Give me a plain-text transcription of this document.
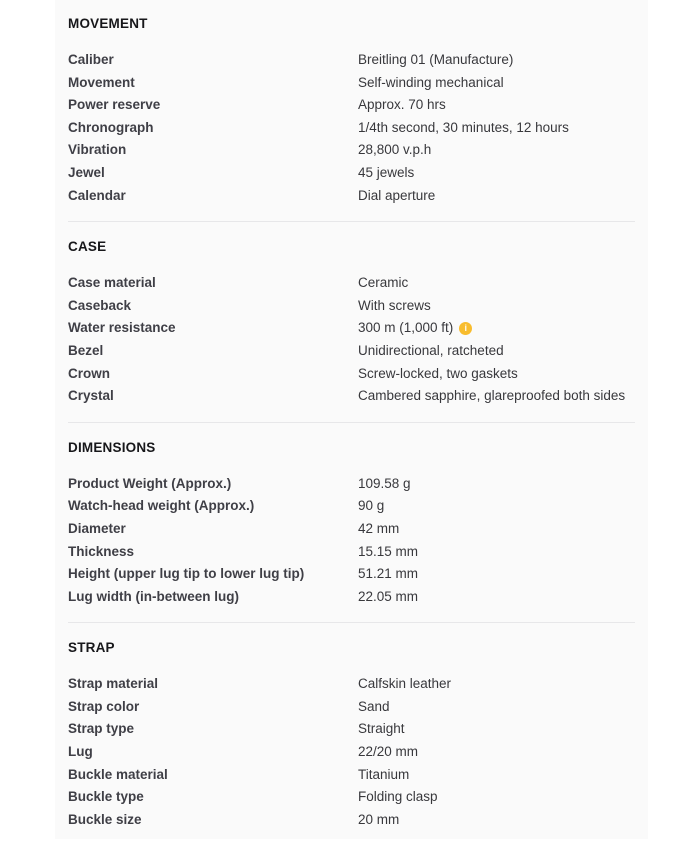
MOVEMENT
Caliber	Breitling 01 (Manufacture)
Movement	Self-winding mechanical
Power reserve	Approx. 70 hrs
Chronograph	1/4th second, 30 minutes, 12 hours
Vibration	28,800 v.p.h
Jewel	45 jewels
Calendar	Dial aperture
CASE
Case material	Ceramic
Caseback	With screws
Water resistance	300 m (1,000 ft)	i
Bezel	Unidirectional, ratcheted
Crown	Screw-locked, two gaskets
Crystal	Cambered sapphire, glareproofed both sides
DIMENSIONS
Product Weight (Approx.)	109.58 g
Watch-head weight (Approx.)	90 g
Diameter	42 mm
Thickness	15.15 mm
Height (upper lug tip to lower lug tip)	51.21 mm
Lug width (in-between lug)	22.05 mm
STRAP
Strap material	Calfskin leather
Strap color	Sand
Strap type	Straight
Lug	22/20 mm
Buckle material	Titanium
Buckle type	Folding clasp
Buckle size	20 mm
